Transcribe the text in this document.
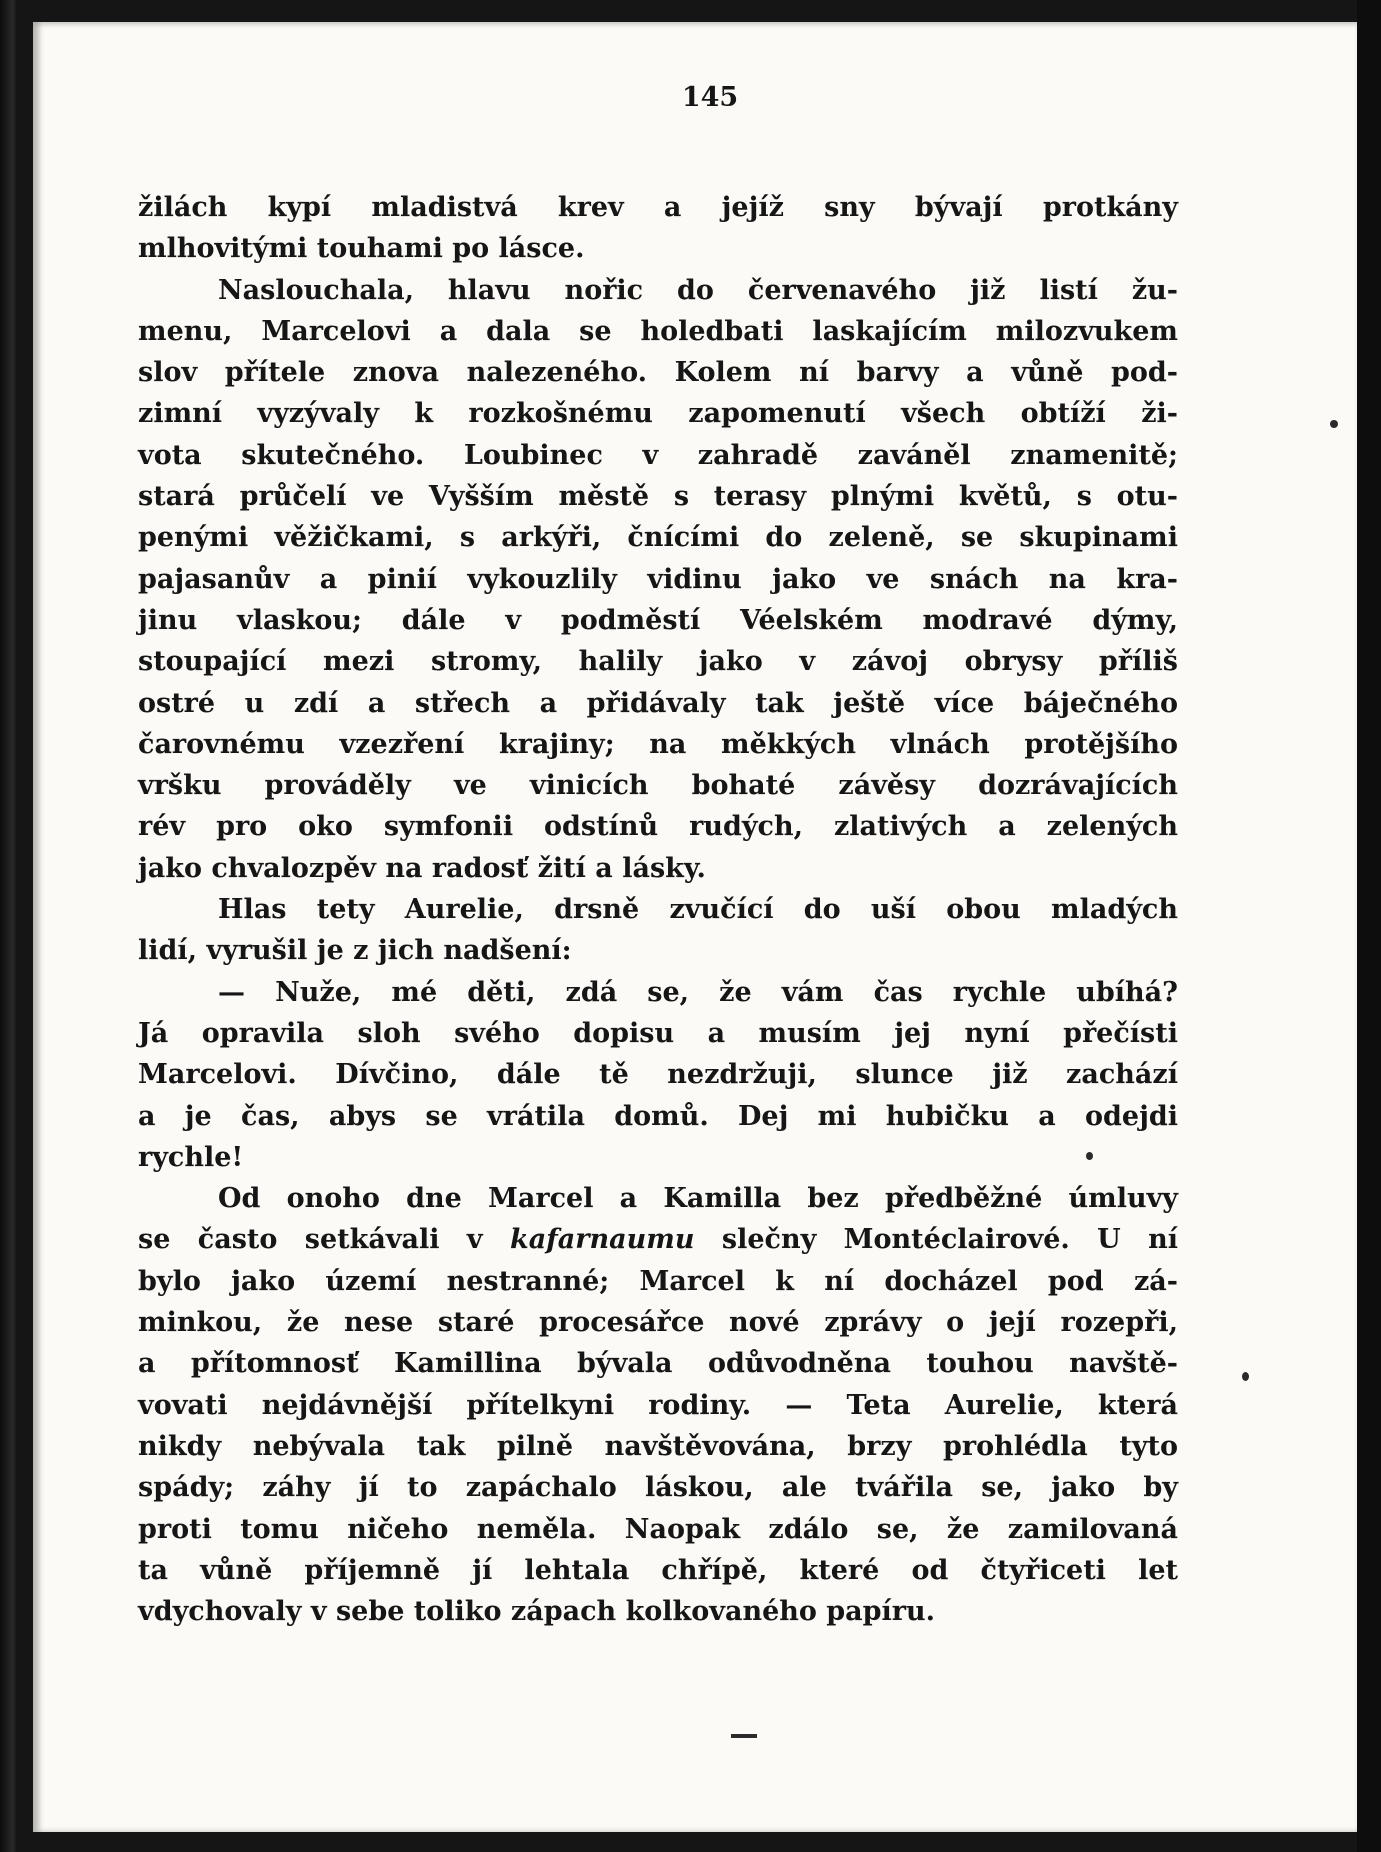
145
žilách kypí mladistvá krev a jejíž sny bývají protkány
mlhovitými touhami po lásce.
Naslouchala, hlavu nořic do červenavého již listí žu-
menu, Marcelovi a dala se holedbati laskajícím milozvukem
slov přítele znova nalezeného. Kolem ní barvy a vůně pod-
zimní vyzývaly k rozkošnému zapomenutí všech obtíží ži-
vota skutečného. Loubinec v zahradě zaváněl znamenitě;
stará průčelí ve Vyšším městě s terasy plnými květů, s otu-
penými věžičkami, s arkýři, čnícími do zeleně, se skupinami
pajasanův a pinií vykouzlily vidinu jako ve snách na kra-
jinu vlaskou; dále v podměstí Véelském modravé dýmy,
stoupající mezi stromy, halily jako v závoj obrysy příliš
ostré u zdí a střech a přidávaly tak ještě více báječného
čarovnému vzezření krajiny; na měkkých vlnách protějšího
vršku prováděly ve vinicích bohaté závěsy dozrávajících
rév pro oko symfonii odstínů rudých, zlativých a zelených
jako chvalozpěv na radosť žití a lásky.
Hlas tety Aurelie, drsně zvučící do uší obou mladých
lidí, vyrušil je z jich nadšení:
— Nuže, mé děti, zdá se, že vám čas rychle ubíhá?
Já opravila sloh svého dopisu a musím jej nyní přečísti
Marcelovi. Dívčino, dále tě nezdržuji, slunce již zachází
a je čas, abys se vrátila domů. Dej mi hubičku a odejdi
rychle!
Od onoho dne Marcel a Kamilla bez předběžné úmluvy
se často setkávali v kafarnaumu slečny Montéclairové. U ní
bylo jako území nestranné; Marcel k ní docházel pod zá-
minkou, že nese staré procesářce nové zprávy o její rozepři,
a přítomnosť Kamillina bývala odůvodněna touhou navště-
vovati nejdávnější přítelkyni rodiny. — Teta Aurelie, která
nikdy nebývala tak pilně navštěvována, brzy prohlédla tyto
spády; záhy jí to zapáchalo láskou, ale tvářila se, jako by
proti tomu ničeho neměla. Naopak zdálo se, že zamilovaná
ta vůně příjemně jí lehtala chřípě, které od čtyřiceti let
vdychovaly v sebe toliko zápach kolkovaného papíru.
